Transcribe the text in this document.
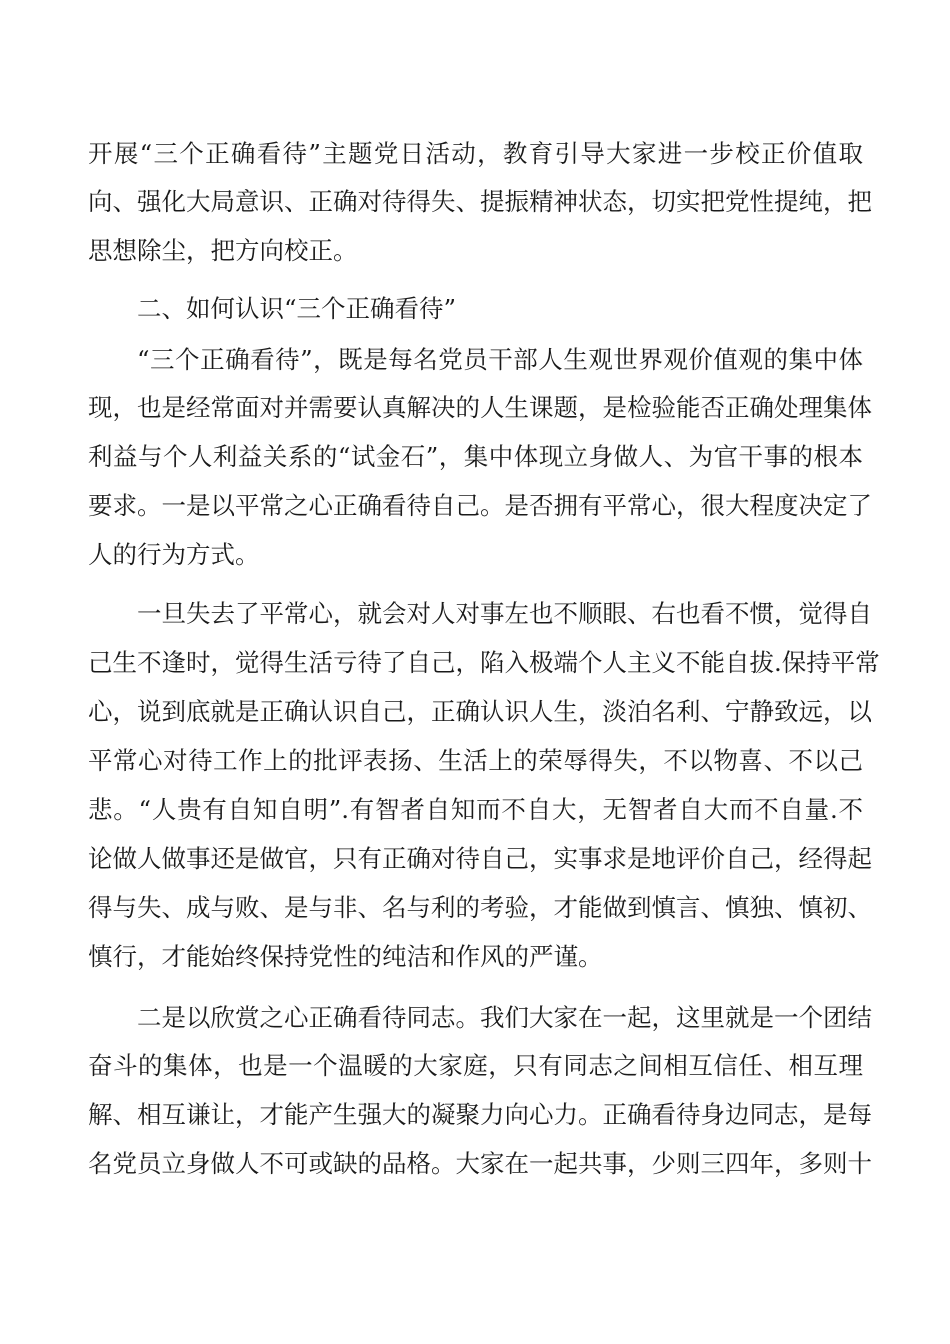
开展“三个正确看待”主题党日活动，教育引导大家进一步校正价值取
向、强化大局意识、正确对待得失、提振精神状态，切实把党性提纯，把
思想除尘，把方向校正。
二、如何认识“三个正确看待”
“三个正确看待”，既是每名党员干部人生观世界观价值观的集中体
现，也是经常面对并需要认真解决的人生课题，是检验能否正确处理集体
利益与个人利益关系的“试金石”，集中体现立身做人、为官干事的根本
要求。一是以平常之心正确看待自己。是否拥有平常心，很大程度决定了
人的行为方式。
一旦失去了平常心，就会对人对事左也不顺眼、右也看不惯，觉得自
己生不逢时，觉得生活亏待了自己，陷入极端个人主义不能自拔.保持平常
心，说到底就是正确认识自己，正确认识人生，淡泊名利、宁静致远，以
平常心对待工作上的批评表扬、生活上的荣辱得失，不以物喜、不以己
悲。“人贵有自知自明”.有智者自知而不自大，无智者自大而不自量.不
论做人做事还是做官，只有正确对待自己，实事求是地评价自己，经得起
得与失、成与败、是与非、名与利的考验，才能做到慎言、慎独、慎初、
慎行，才能始终保持党性的纯洁和作风的严谨。
二是以欣赏之心正确看待同志。我们大家在一起，这里就是一个团结
奋斗的集体，也是一个温暖的大家庭，只有同志之间相互信任、相互理
解、相互谦让，才能产生强大的凝聚力向心力。正确看待身边同志，是每
名党员立身做人不可或缺的品格。大家在一起共事，少则三四年，多则十
